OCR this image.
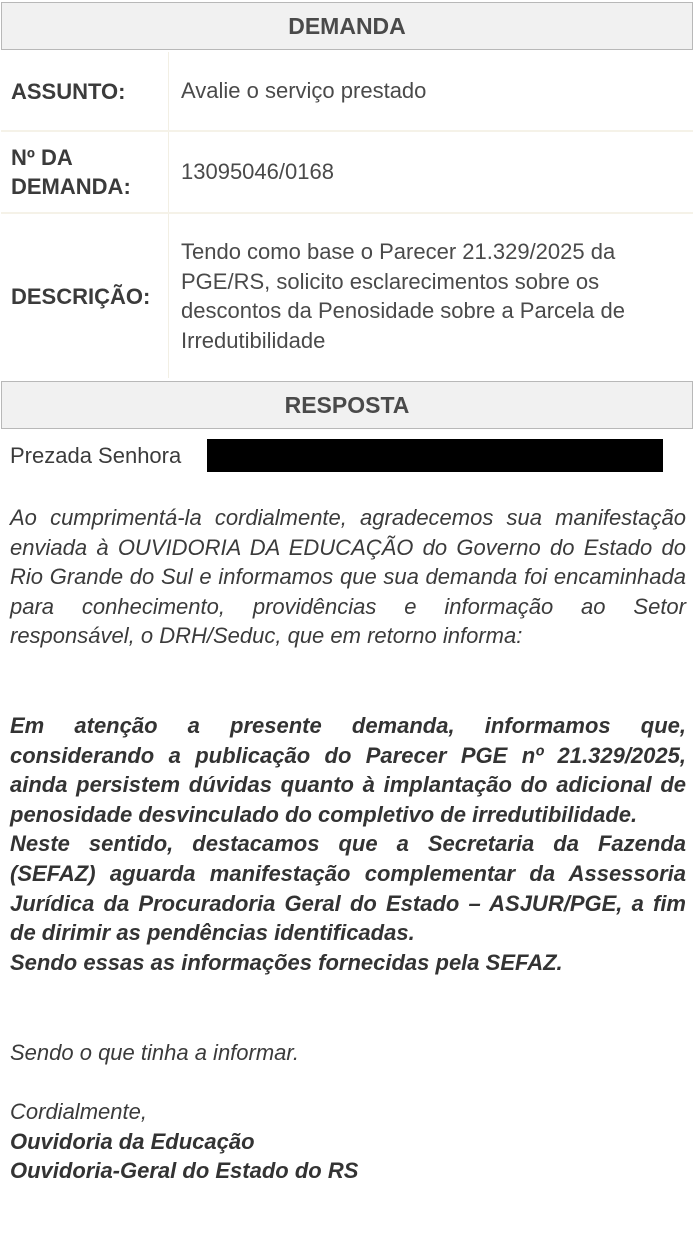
DEMANDA
ASSUNTO:	Avalie o serviço prestado
Nº DA
DEMANDA:
13095046/0168
DESCRIÇÃO:
Tendo como base o Parecer 21.329/2025 da PGE/RS, solicito esclarecimentos sobre os descontos da Penosidade sobre a Parcela de Irredutibilidade
RESPOSTA
Prezada Senhora
Ao cumprimentá-la cordialmente, agradecemos sua manifestação enviada à OUVIDORIA DA EDUCAÇÃO do Governo do Estado do Rio Grande do Sul e informamos que sua demanda foi encaminhada para conhecimento, providências e informação ao Setor responsável, o DRH/Seduc, que em retorno informa:
Em atenção a presente demanda, informamos que, considerando a publicação do Parecer PGE nº 21.329/2025, ainda persistem dúvidas quanto à implantação do adicional de penosidade desvinculado do completivo de irredutibilidade.
Neste sentido, destacamos que a Secretaria da Fazenda (SEFAZ) aguarda manifestação complementar da Assessoria Jurídica da Procuradoria Geral do Estado – ASJUR/PGE, a fim de dirimir as pendências identificadas.
Sendo essas as informações fornecidas pela SEFAZ.
Sendo o que tinha a informar.
Cordialmente,
Ouvidoria da Educação
Ouvidoria-Geral do Estado do RS
